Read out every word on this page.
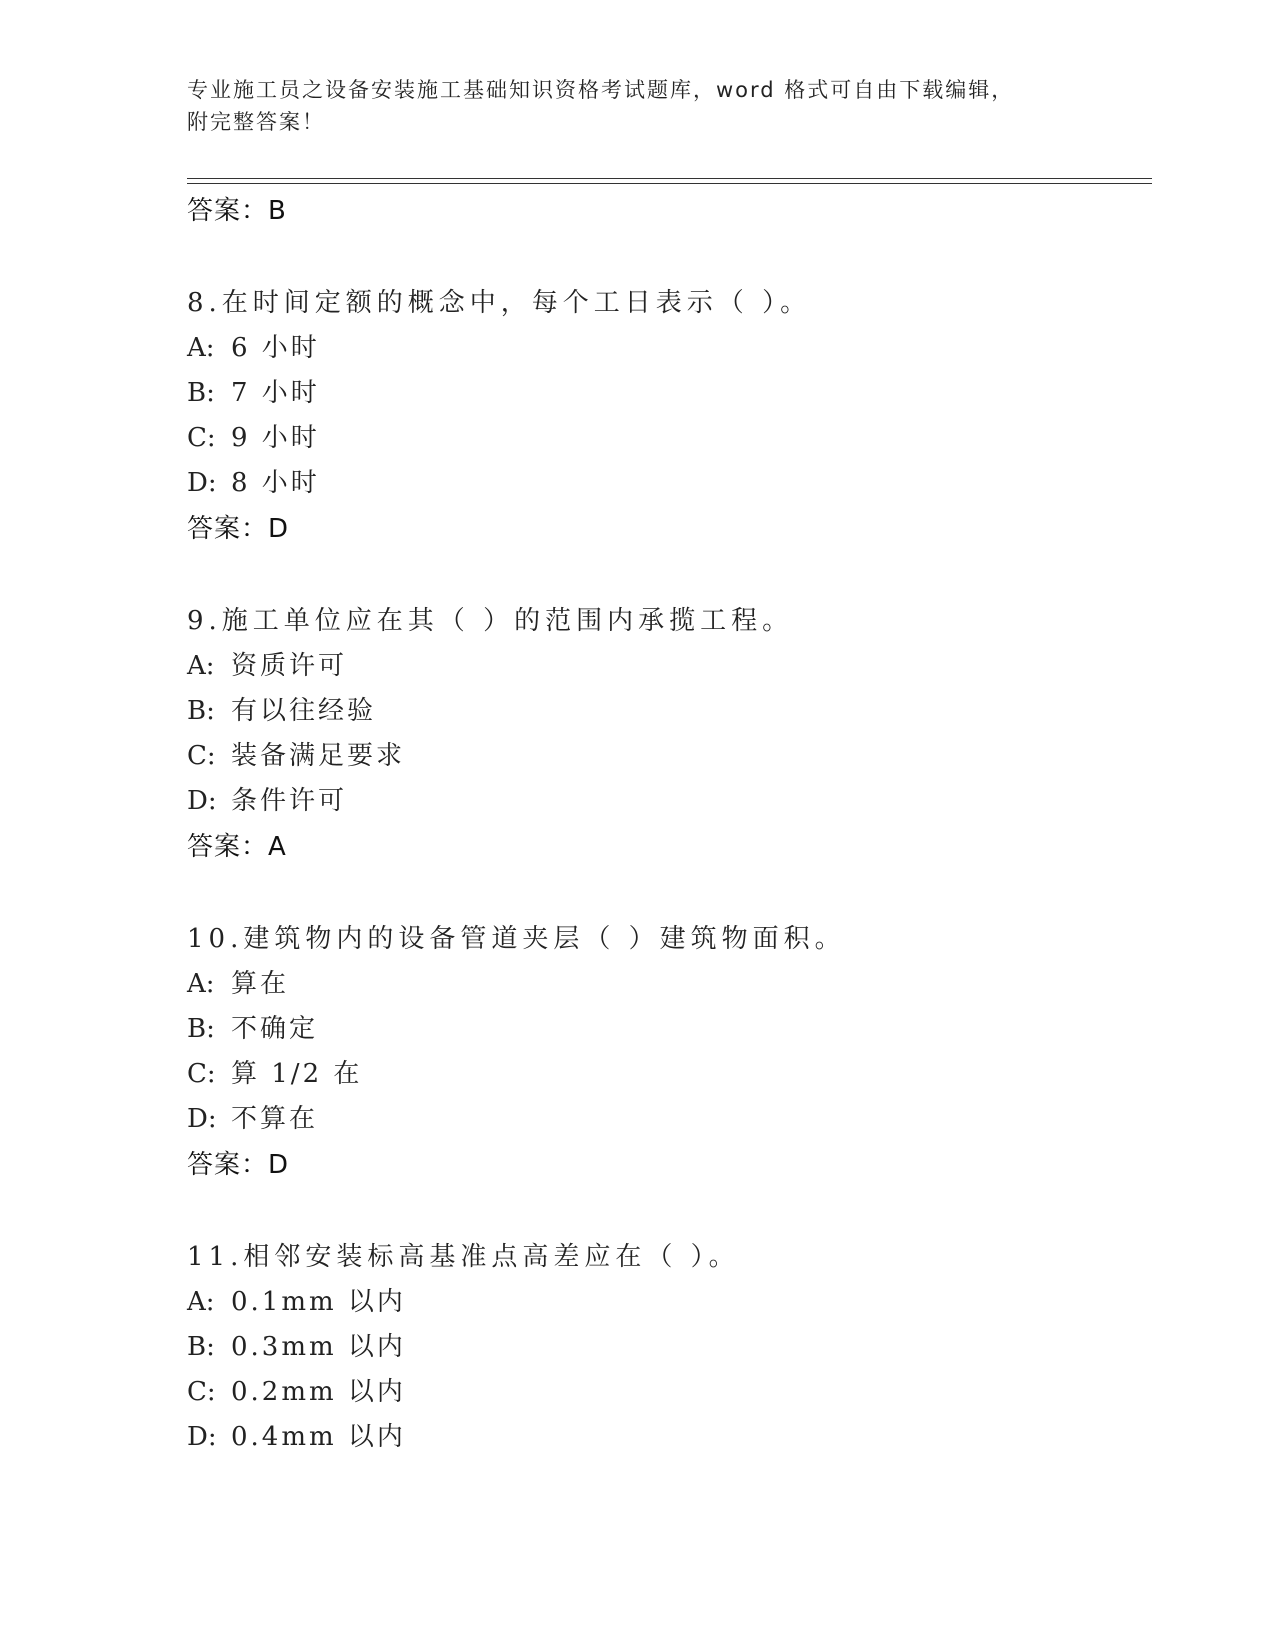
专业施工员之设备安装施工基础知识资格考试题库，word 格式可自由下载编辑，
附完整答案！
答案：B
8.在时间定额的概念中，每个工日表示（ ）。
A: 6 小时
B: 7 小时
C: 9 小时
D: 8 小时
答案：D
9.施工单位应在其（ ）的范围内承揽工程。
A: 资质许可
B: 有以往经验
C: 装备满足要求
D: 条件许可
答案：A
10.建筑物内的设备管道夹层（ ）建筑物面积。
A: 算在
B: 不确定
C: 算 1/2 在
D: 不算在
答案：D
11.相邻安装标高基准点高差应在（ ）。
A: 0.1mm 以内
B: 0.3mm 以内
C: 0.2mm 以内
D: 0.4mm 以内
